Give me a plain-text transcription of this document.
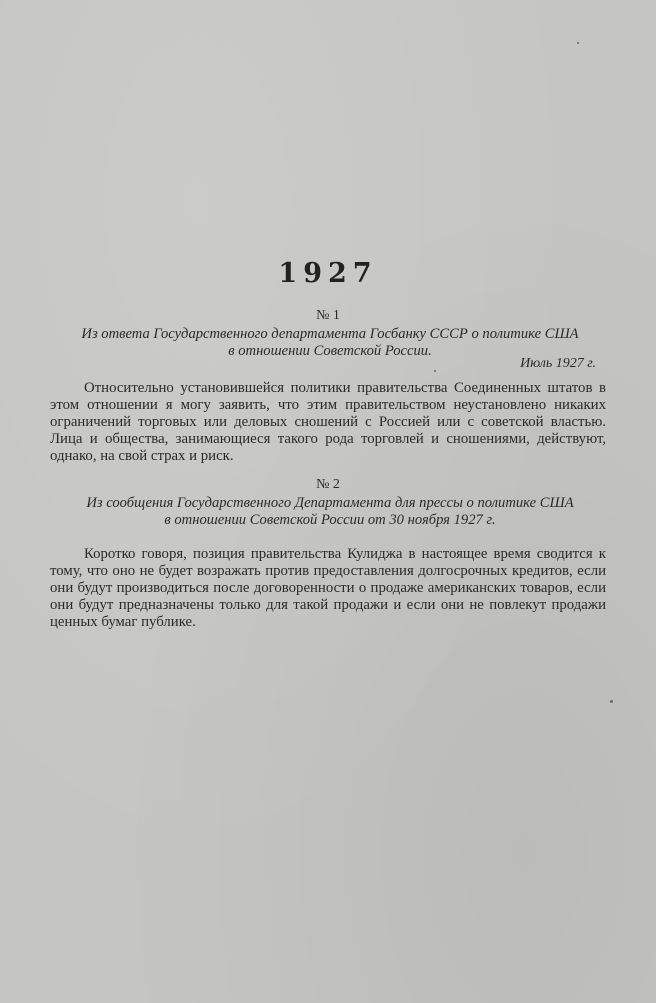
1927
№ 1
Из ответа Государственного департамента Госбанку СССР о политике США
в отношении Советской России.
Июль 1927 г.
Относительно установившейся политики правительства Соединенных штатов в этом отношении я могу заявить, что этим правительством неустановлено никаких ограничений торговых или деловых сношений с Россией или с советской властью. Лица и общества, занимающиеся такого рода торговлей и сношениями, действуют, однако, на свой страх и риск.
№ 2
Из сообщения Государственного Департамента для прессы о политике США
в отношении Советской России от 30 ноября 1927 г.
Коротко говоря, позиция правительства Кулиджа в настоящее время сводится к тому, что оно не будет возражать против предоставления долгосрочных кредитов, если они будут производиться после договоренности о продаже американских товаров, если они будут предназначены только для такой продажи и если они не повлекут продажи ценных бумаг публике.
